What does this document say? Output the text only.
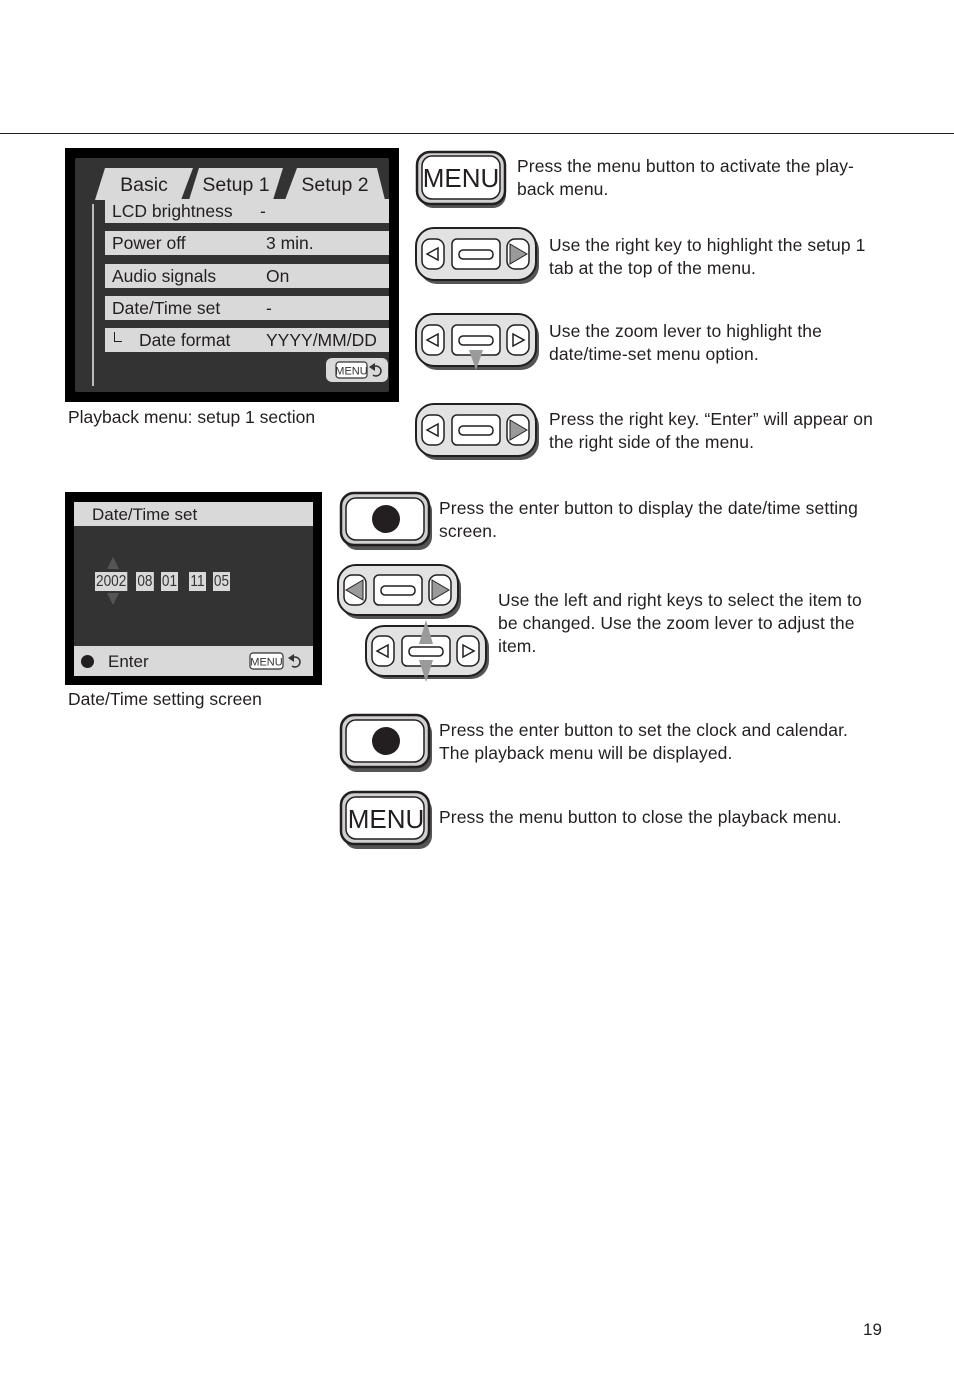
Basic	Setup 1	Setup 2
LCD brightness -
Power off	3 min.
Audio signals	On
Date/Time set	-
Date format YYYY/MM/DD
MENU
Playback menu: setup 1 section
Date/Time set
2002 08 01 11 05
Enter	MENU
Date/Time setting screen
MENU Press the menu button to activate the play-
back menu.
Use the right key to highlight the setup 1
tab at the top of the menu.
Use the zoom lever to highlight the
date/time-set menu option.
Press the right key. “Enter” will appear on
the right side of the menu.
Press the enter button to display the date/time setting
screen.
Use the left and right keys to select the item to
be changed. Use the zoom lever to adjust the
item.
Press the enter button to set the clock and calendar.
The playback menu will be displayed.
MENU Press the menu button to close the playback menu.
19
